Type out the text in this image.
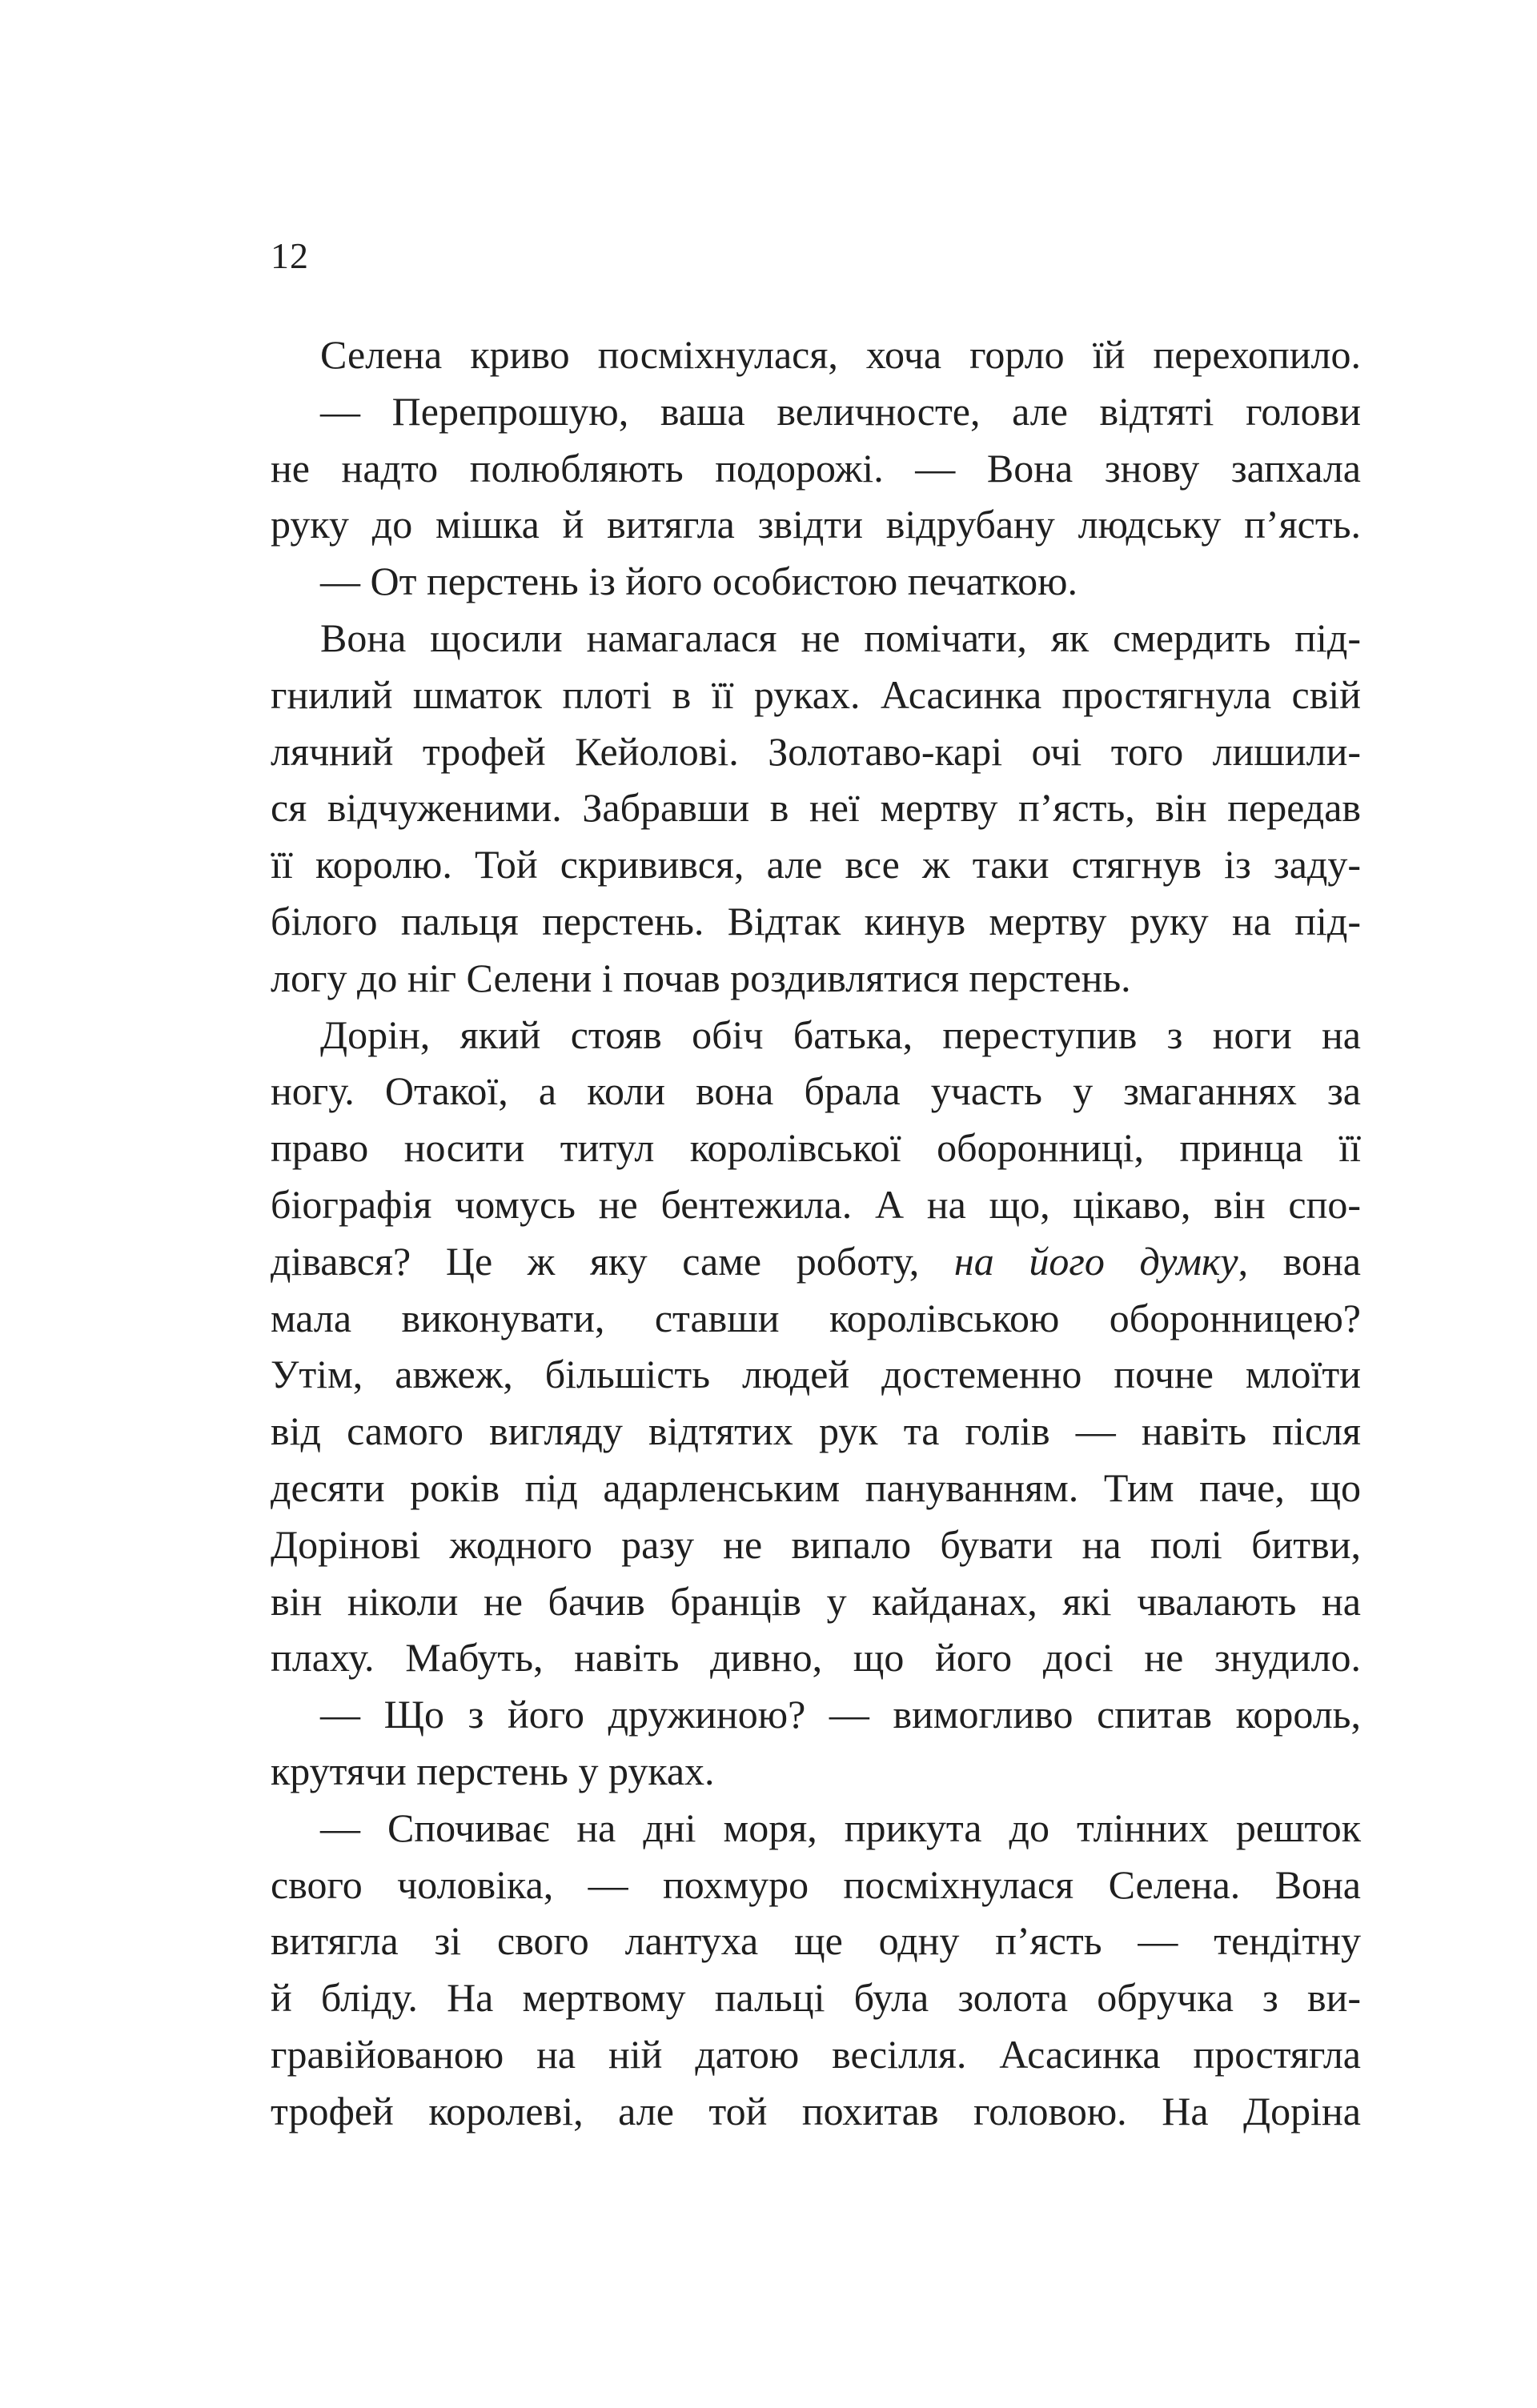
12
Селена криво посміхнулася, хоча горло їй перехопило.
— Перепрошую, ваша величносте, але відтяті голови
не надто полюбляють подорожі. — Вона знову запхала
руку до мішка й витягла звідти відрубану людську п’ясть.
— От перстень із його особистою печаткою.
Вона щосили намагалася не помічати, як смердить під-
гнилий шматок плоті в її руках. Асасинка простягнула свій
лячний трофей Кейолові. Золотаво-карі очі того лишили-
ся відчуженими. Забравши в неї мертву п’ясть, він передав
її королю. Той скривився, але все ж таки стягнув із заду-
білого пальця перстень. Відтак кинув мертву руку на під-
логу до ніг Селени і почав роздивлятися перстень.
Дорін, який стояв обіч батька, переступив з ноги на
ногу. Отакої, а коли вона брала участь у змаганнях за
право носити титул королівської оборонниці, принца її
біографія чомусь не бентежила. А на що, цікаво, він спо-
дівався? Це ж яку саме роботу, на його думку, вона
мала виконувати, ставши королівською оборонницею?
Утім, авжеж, більшість людей достеменно почне млоїти
від самого вигляду відтятих рук та голів — навіть після
десяти років під адарленським пануванням. Тим паче, що
Дорінові жодного разу не випало бувати на полі битви,
він ніколи не бачив бранців у кайданах, які чвалають на
плаху. Мабуть, навіть дивно, що його досі не знудило.
— Що з його дружиною? — вимогливо спитав король,
крутячи перстень у руках.
— Спочиває на дні моря, прикута до тлінних решток
свого чоловіка, — похмуро посміхнулася Селена. Вона
витягла зі свого лантуха ще одну п’ясть — тендітну
й бліду. На мертвому пальці була золота обручка з ви-
гравійованою на ній датою весілля. Асасинка простягла
трофей королеві, але той похитав головою. На Доріна
